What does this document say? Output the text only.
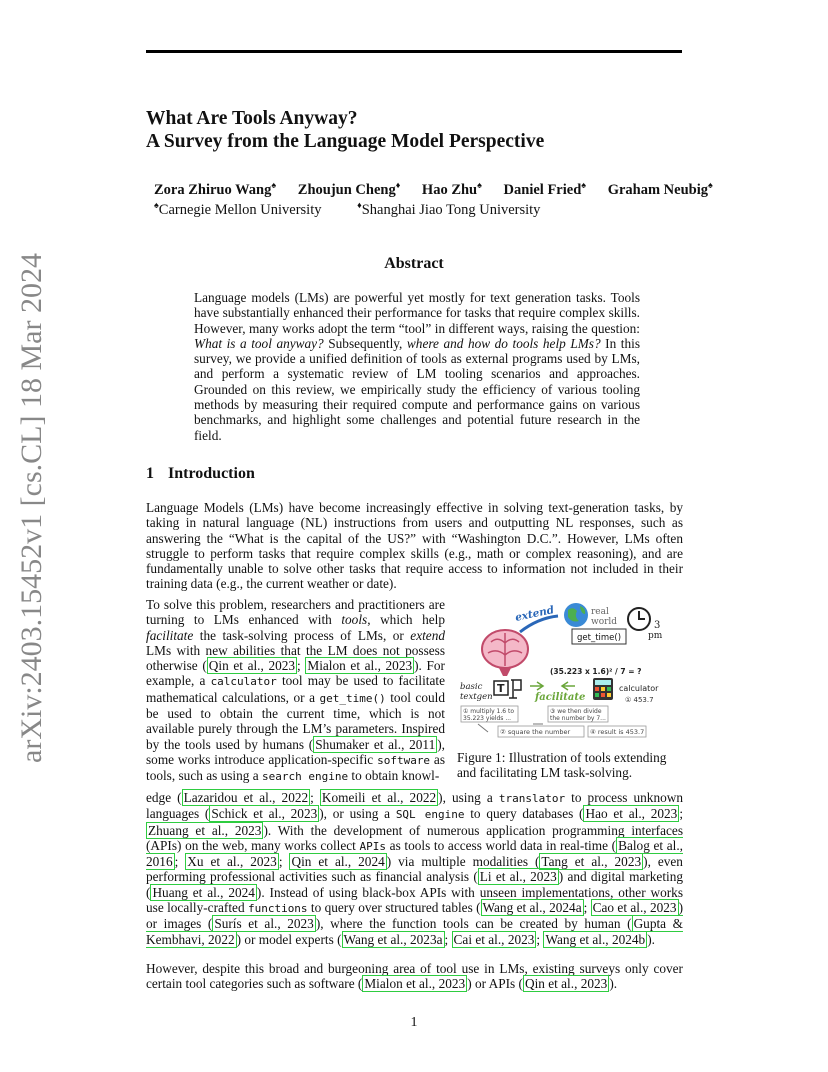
arXiv:2403.15452v1 [cs.CL] 18 Mar 2024
What Are Tools Anyway?
A Survey from the Language Model Perspective
Zora Zhiruo Wang♠ Zhoujun Cheng♦ Hao Zhu♠ Daniel Fried♠ Graham Neubig♠
♠Carnegie Mellon University	♦Shanghai Jiao Tong University
Abstract
Language models (LMs) are powerful yet mostly for text generation tasks. Tools have substantially enhanced their performance for tasks that require complex skills. However, many works adopt the term “tool” in different ways, raising the question: What is a tool anyway? Subsequently, where and how do tools help LMs? In this survey, we provide a unified definition of tools as external programs used by LMs, and perform a systematic review of LM tooling scenarios and approaches. Grounded on this review, we empirically study the efficiency of various tooling methods by measuring their required compute and performance gains on various benchmarks, and highlight some challenges and potential future research in the field.
1 Introduction
Language Models (LMs) have become increasingly effective in solving text-generation tasks, by taking in natural language (NL) instructions from users and outputting NL responses, such as answering the “What is the capital of the US?” with “Washington D.C.”. However, LMs often struggle to perform tasks that require complex skills (e.g., math or complex reasoning), and are fundamentally unable to solve other tasks that require access to information not included in their training data (e.g., the current weather or date).
To solve this problem, researchers and practitioners are turning to LMs enhanced with tools, which help facilitate the task-solving process of LMs, or extend LMs with new abilities that the LM does not possess otherwise ( Qin et al., 2023 ; Mialon et al., 2023 ). For example, a calculator tool may be used to facilitate mathematical calculations, or a get_time() tool could be used to obtain the current time, which is not available purely through the LM’s parameters. Inspired by the tools used by humans ( Shumaker et al., 2011 ), some works introduce application-specific software as tools, such as using a search engine to obtain knowl-
edge ( Lazaridou et al., 2022 ; Komeili et al., 2022 ), using a translator to process unknown languages ( Schick et al., 2023 ), or using a SQL engine to query databases ( Hao et al., 2023 ; Zhuang et al., 2023 ). With the development of numerous application programming interfaces (APIs) on the web, many works collect APIs as tools to access world data in real-time ( Balog et al., 2016 ; Xu et al., 2023 ; Qin et al., 2024 ) via multiple modalities ( Tang et al., 2023 ), even performing professional activities such as financial analysis ( Li et al., 2023 ) and digital marketing ( Huang et al., 2024 ). Instead of using black-box APIs with unseen implementations, other works use locally-crafted functions to query over structured tables ( Wang et al., 2024a ; Cao et al., 2023 ) or images ( Surís et al., 2023 ), where the function tools can be created by human ( Gupta & Kembhavi, 2022 ) or model experts ( Wang et al., 2023a ; Cai et al., 2023 ; Wang et al., 2024b ).
However, despite this broad and burgeoning area of tool use in LMs, existing surveys only cover certain tool categories such as software ( Mialon et al., 2023 ) or APIs ( Qin et al., 2023 ).
extend	real
world	3
pm
get_time()
(35.223 x 1.6)² / 7 = ?
basic
textgen
T
facilitate
calculator
① 453.7
① multiply 1.6 to
35.223 yields ...
③ we then divide
the number by 7...
② square the number	④ result is 453.7
Figure 1: Illustration of tools extending and facilitating LM task-solving.
1
